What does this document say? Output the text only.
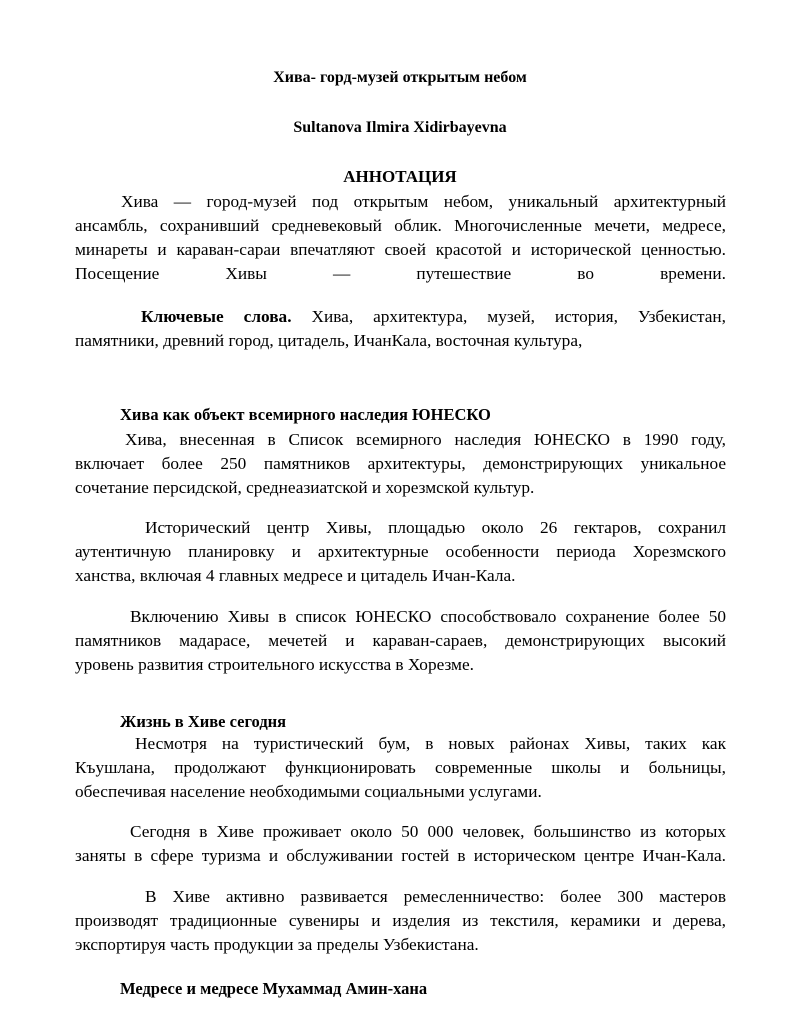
Хива- горд-музей открытым небом
Sultanova Ilmira Xidirbayevna
АННОТАЦИЯ
Хива — город-музей под открытым небом, уникальный архитектурный
ансамбль, сохранивший средневековый облик. Многочисленные мечети, медресе,
минареты и караван-сараи впечатляют своей красотой и исторической ценностью.
Посещение Хивы — путешествие во времени.
Ключевые слова. Хива, архитектура, музей, история, Узбекистан,
памятники, древний город, цитадель, ИчанКала, восточная культура,
Хива как объект всемирного наследия ЮНЕСКО
Хива, внесенная в Список всемирного наследия ЮНЕСКО в 1990 году,
включает более 250 памятников архитектуры, демонстрирующих уникальное
сочетание персидской, среднеазиатской и хорезмской культур.
Исторический центр Хивы, площадью около 26 гектаров, сохранил
аутентичную планировку и архитектурные особенности периода Хорезмского
ханства, включая 4 главных медресе и цитадель Ичан-Кала.
Включению Хивы в список ЮНЕСКО способствовало сохранение более 50
памятников мадарасе, мечетей и караван-сараев, демонстрирующих высокий
уровень развития строительного искусства в Хорезме.
Жизнь в Хиве сегодня
Несмотря на туристический бум, в новых районах Хивы, таких как
Къушлана, продолжают функционировать современные школы и больницы,
обеспечивая население необходимыми социальными услугами.
Сегодня в Хиве проживает около 50 000 человек, большинство из которых
заняты в сфере туризма и обслуживании гостей в историческом центре Ичан-Кала.
В Хиве активно развивается ремесленничество: более 300 мастеров
производят традиционные сувениры и изделия из текстиля, керамики и дерева,
экспортируя часть продукции за пределы Узбекистана.
Медресе и медресе Мухаммад Амин-хана
